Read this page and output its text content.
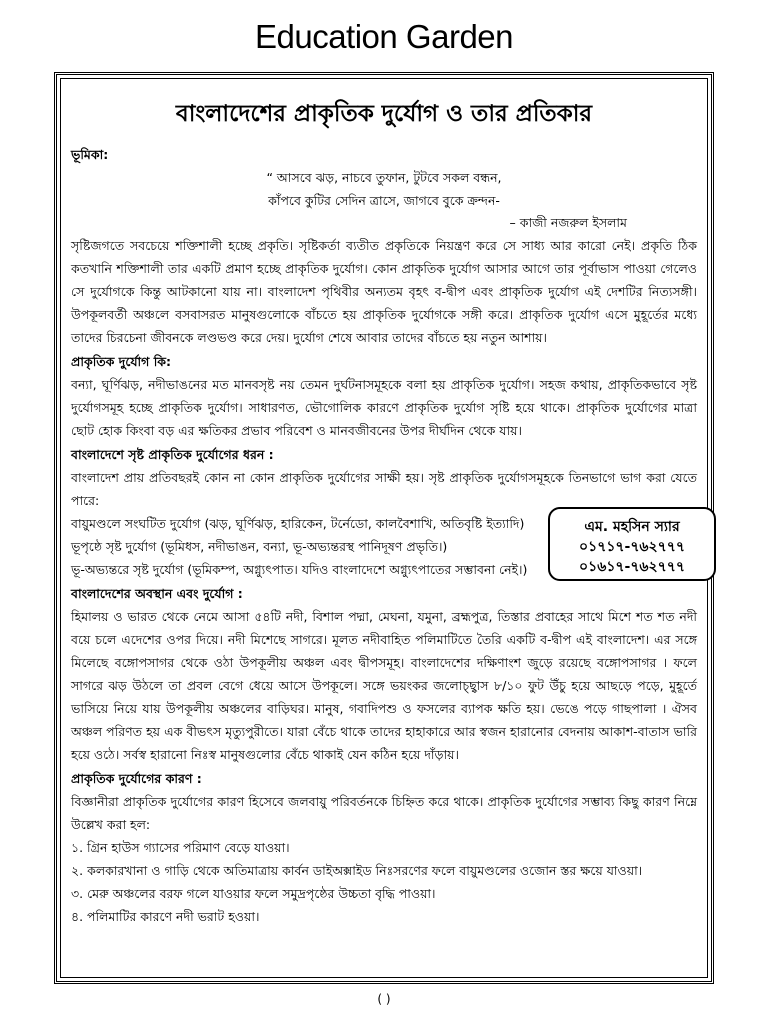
Education Garden
বাংলাদেশের প্রাকৃতিক দুর্যোগ ও তার প্রতিকার
ভূমিকা:
“ আসবে ঝড়, নাচবে তুফান, টুটবে সকল বন্ধন,
কাঁপবে কুটির সেদিন ত্রাসে, জাগবে বুকে ক্রন্দন-
– কাজী নজরুল ইসলাম

সৃষ্টিজগতে সবচেয়ে শক্তিশালী হচ্ছে প্রকৃতি। সৃষ্টিকর্তা ব্যতীত প্রকৃতিকে নিয়ন্ত্রণ করে সে সাধ্য আর কারো নেই। প্রকৃতি ঠিক কতখানি শক্তিশালী তার একটি প্রমাণ হচ্ছে প্রাকৃতিক দুর্যোগ। কোন প্রাকৃতিক দুর্যোগ আসার আগে তার পূর্বাভাস পাওয়া গেলেও সে দুর্যোগকে কিন্তু আটকানো যায় না। বাংলাদেশ পৃথিবীর অন্যতম বৃহৎ ব-দ্বীপ এবং প্রাকৃতিক দুর্যোগ এই দেশটির নিত্যসঙ্গী। উপকূলবর্তী অঞ্চলে বসবাসরত মানুষগুলোকে বাঁচতে হয় প্রাকৃতিক দুর্যোগকে সঙ্গী করে। প্রাকৃতিক দুর্যোগ এসে মুহূর্তের মধ্যে তাদের চিরচেনা জীবনকে লণ্ডভণ্ড করে দেয়। দুর্যোগ শেষে আবার তাদের বাঁচতে হয় নতুন আশায়।

প্রাকৃতিক দুর্যোগ কি:

বন্যা, ঘূর্ণিঝড়, নদীভাঙনের মত মানবসৃষ্ট নয় তেমন দুর্ঘটনাসমূহকে বলা হয় প্রাকৃতিক দুর্যোগ। সহজ কথায়, প্রাকৃতিকভাবে সৃষ্ট দুর্যোগসমূহ হচ্ছে প্রাকৃতিক দুর্যোগ। সাধারণত, ভৌগোলিক কারণে প্রাকৃতিক দুর্যোগ সৃষ্টি হয়ে থাকে। প্রাকৃতিক দুর্যোগের মাত্রা ছোট হোক কিংবা বড় এর ক্ষতিকর প্রভাব পরিবেশ ও মানবজীবনের উপর দীর্ঘদিন থেকে যায়।

বাংলাদেশে সৃষ্ট প্রাকৃতিক দুর্যোগের ধরন :

বাংলাদেশ প্রায় প্রতিবছরই কোন না কোন প্রাকৃতিক দুর্যোগের সাক্ষী হয়। সৃষ্ট প্রাকৃতিক দুর্যোগসমূহকে তিনভাগে ভাগ করা যেতে পারে:

বায়ুমণ্ডলে সংঘটিত দুর্যোগ (ঝড়, ঘূর্ণিঝড়, হারিকেন, টর্নেডো, কালবৈশাখি, অতিবৃষ্টি ইত্যাদি)
ভূপৃষ্ঠে সৃষ্ট দুর্যোগ (ভূমিধস, নদীভাঙন, বন্যা, ভূ-অভ্যন্তরস্থ পানিদূষণ প্রভৃতি।)
ভূ-অভ্যন্তরে সৃষ্ট দুর্যোগ (ভূমিকম্প, অগ্ন্যুৎপাত। যদিও বাংলাদেশে অগ্ন্যুৎপাতের সম্ভাবনা নেই।)
বাংলাদেশের অবস্থান এবং দুর্যোগ :

হিমালয় ও ভারত থেকে নেমে আসা ৫৪টি নদী, বিশাল পদ্মা, মেঘনা, যমুনা, ব্রহ্মপুত্র, তিস্তার প্রবাহের সাথে মিশে শত শত নদী বয়ে চলে এদেশের ওপর দিয়ে। নদী মিশেছে সাগরে। মূলত নদীবাহিত পলিমাটিতে তৈরি একটি ব-দ্বীপ এই বাংলাদেশ। এর সঙ্গে মিলেছে বঙ্গোপসাগর থেকে ওঠা উপকূলীয় অঞ্চল এবং দ্বীপসমূহ। বাংলাদেশের দক্ষিণাংশ জুড়ে রয়েছে বঙ্গোপসাগর । ফলে সাগরে ঝড় উঠলে তা প্রবল বেগে ধেয়ে আসে উপকূলে। সঙ্গে ভয়ংকর জলোচ্ছ্বাস ৮/১০ ফুট উঁচু হয়ে আছড়ে পড়ে, মুহূর্তে ভাসিয়ে নিয়ে যায় উপকূলীয় অঞ্চলের বাড়িঘর। মানুষ, গবাদিপশু ও ফসলের ব্যাপক ক্ষতি হয়। ভেঙে পড়ে গাছপালা । ঐসব অঞ্চল পরিণত হয় এক বীভৎস মৃত্যুপুরীতে। যারা বেঁচে থাকে তাদের হাহাকারে আর স্বজন হারানোর বেদনায় আকাশ-বাতাস ভারি হয়ে ওঠে। সর্বস্ব হারানো নিঃস্ব মানুষগুলোর বেঁচে থাকাই যেন কঠিন হয়ে দাঁড়ায়।

প্রাকৃতিক দুর্যোগের কারণ :

বিজ্ঞানীরা প্রাকৃতিক দুর্যোগের কারণ হিসেবে জলবায়ু পরিবর্তনকে চিহ্নিত করে থাকে। প্রাকৃতিক দুর্যোগের সম্ভাব্য কিছু কারণ নিম্নে উল্লেখ করা হল:

১. গ্রিন হাউস গ্যাসের পরিমাণ বেড়ে যাওয়া।
২. কলকারখানা ও গাড়ি থেকে অতিমাত্রায় কার্বন ডাইঅক্সাইড নিঃসরণের ফলে বায়ুমণ্ডলের ওজোন স্তর ক্ষয়ে যাওয়া।
৩. মেরু অঞ্চলের বরফ গলে যাওয়ার ফলে সমুদ্রপৃষ্ঠের উচ্চতা বৃদ্ধি পাওয়া।
৪. পলিমাটির কারণে নদী ভরাট হওয়া।
এম. মহসিন স্যার
০১৭১৭-৭৬২৭৭৭
০১৬১৭-৭৬২৭৭৭
( )
